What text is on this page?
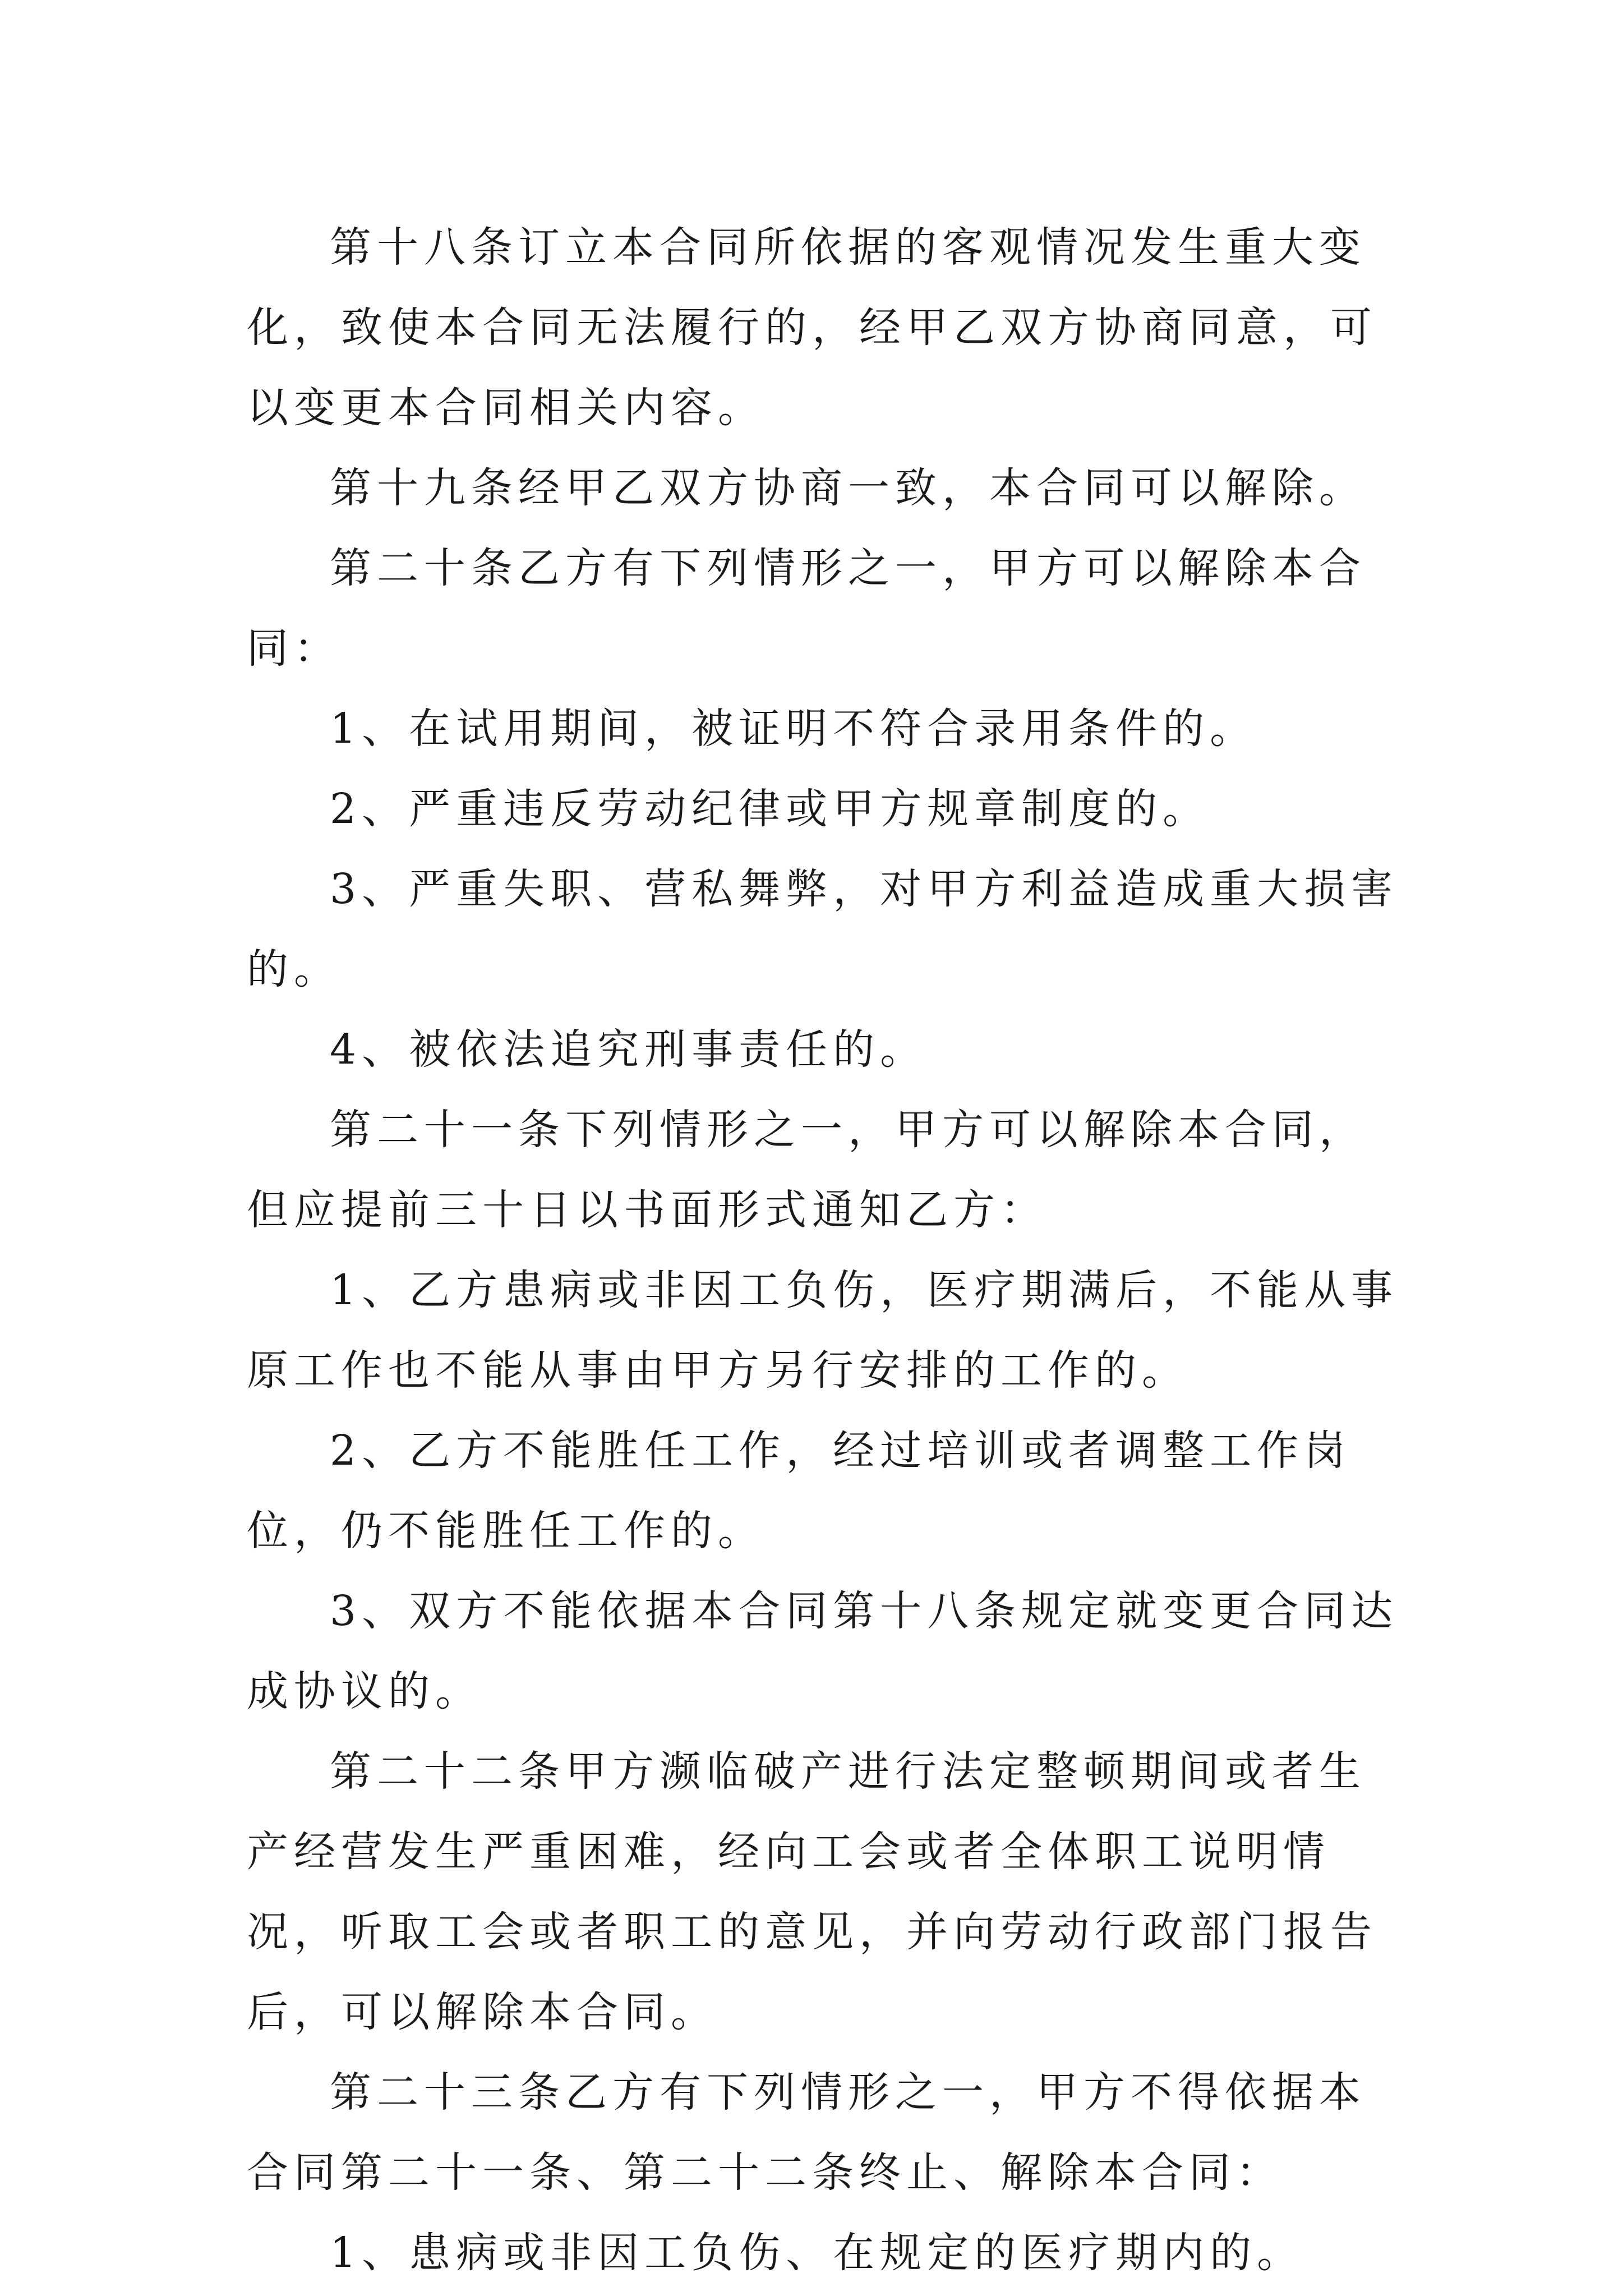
第十八条订立本合同所依据的客观情况发生重大变化，致使本合同无法履行的，经甲乙双方协商同意，可以变更本合同相关内容。

第十九条经甲乙双方协商一致，本合同可以解除。

第二十条乙方有下列情形之一，甲方可以解除本合同：

1、在试用期间，被证明不符合录用条件的。

2、严重违反劳动纪律或甲方规章制度的。

3、严重失职、营私舞弊，对甲方利益造成重大损害的。

4、被依法追究刑事责任的。

第二十一条下列情形之一，甲方可以解除本合同，但应提前三十日以书面形式通知乙方：

1、乙方患病或非因工负伤，医疗期满后，不能从事原工作也不能从事由甲方另行安排的工作的。

2、乙方不能胜任工作，经过培训或者调整工作岗位，仍不能胜任工作的。

3、双方不能依据本合同第十八条规定就变更合同达成协议的。

第二十二条甲方濒临破产进行法定整顿期间或者生产经营发生严重困难，经向工会或者全体职工说明情况，听取工会或者职工的意见，并向劳动行政部门报告后，可以解除本合同。

第二十三条乙方有下列情形之一，甲方不得依据本合同第二十一条、第二十二条终止、解除本合同：

1、患病或非因工负伤、在规定的医疗期内的。
